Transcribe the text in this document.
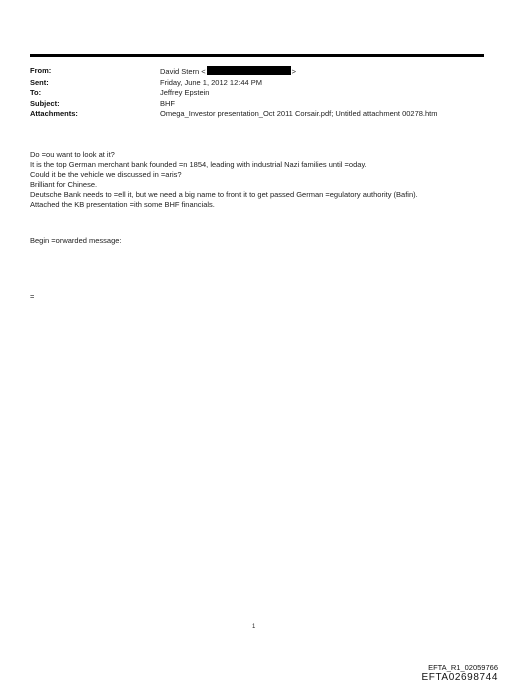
From:	David Stern <	>
Sent:	Friday, June 1, 2012 12:44 PM
To:	Jeffrey Epstein
Subject:	BHF
Attachments:	Omega_Investor presentation_Oct 2011 Corsair.pdf; Untitled attachment 00278.htm

Do =ou want to look at it?

It is the top German merchant bank founded =n 1854, leading with industrial Nazi families until =oday.

Could it be the vehicle we discussed in =aris?

Brilliant for Chinese.

Deutsche Bank needs to =ell it, but we need a big name to front it to get passed German =egulatory authority (Bafin).

Attached the KB presentation =ith some BHF financials.

Begin =orwarded message:
=
1
EFTA_R1_02059766
EFTA02698744
